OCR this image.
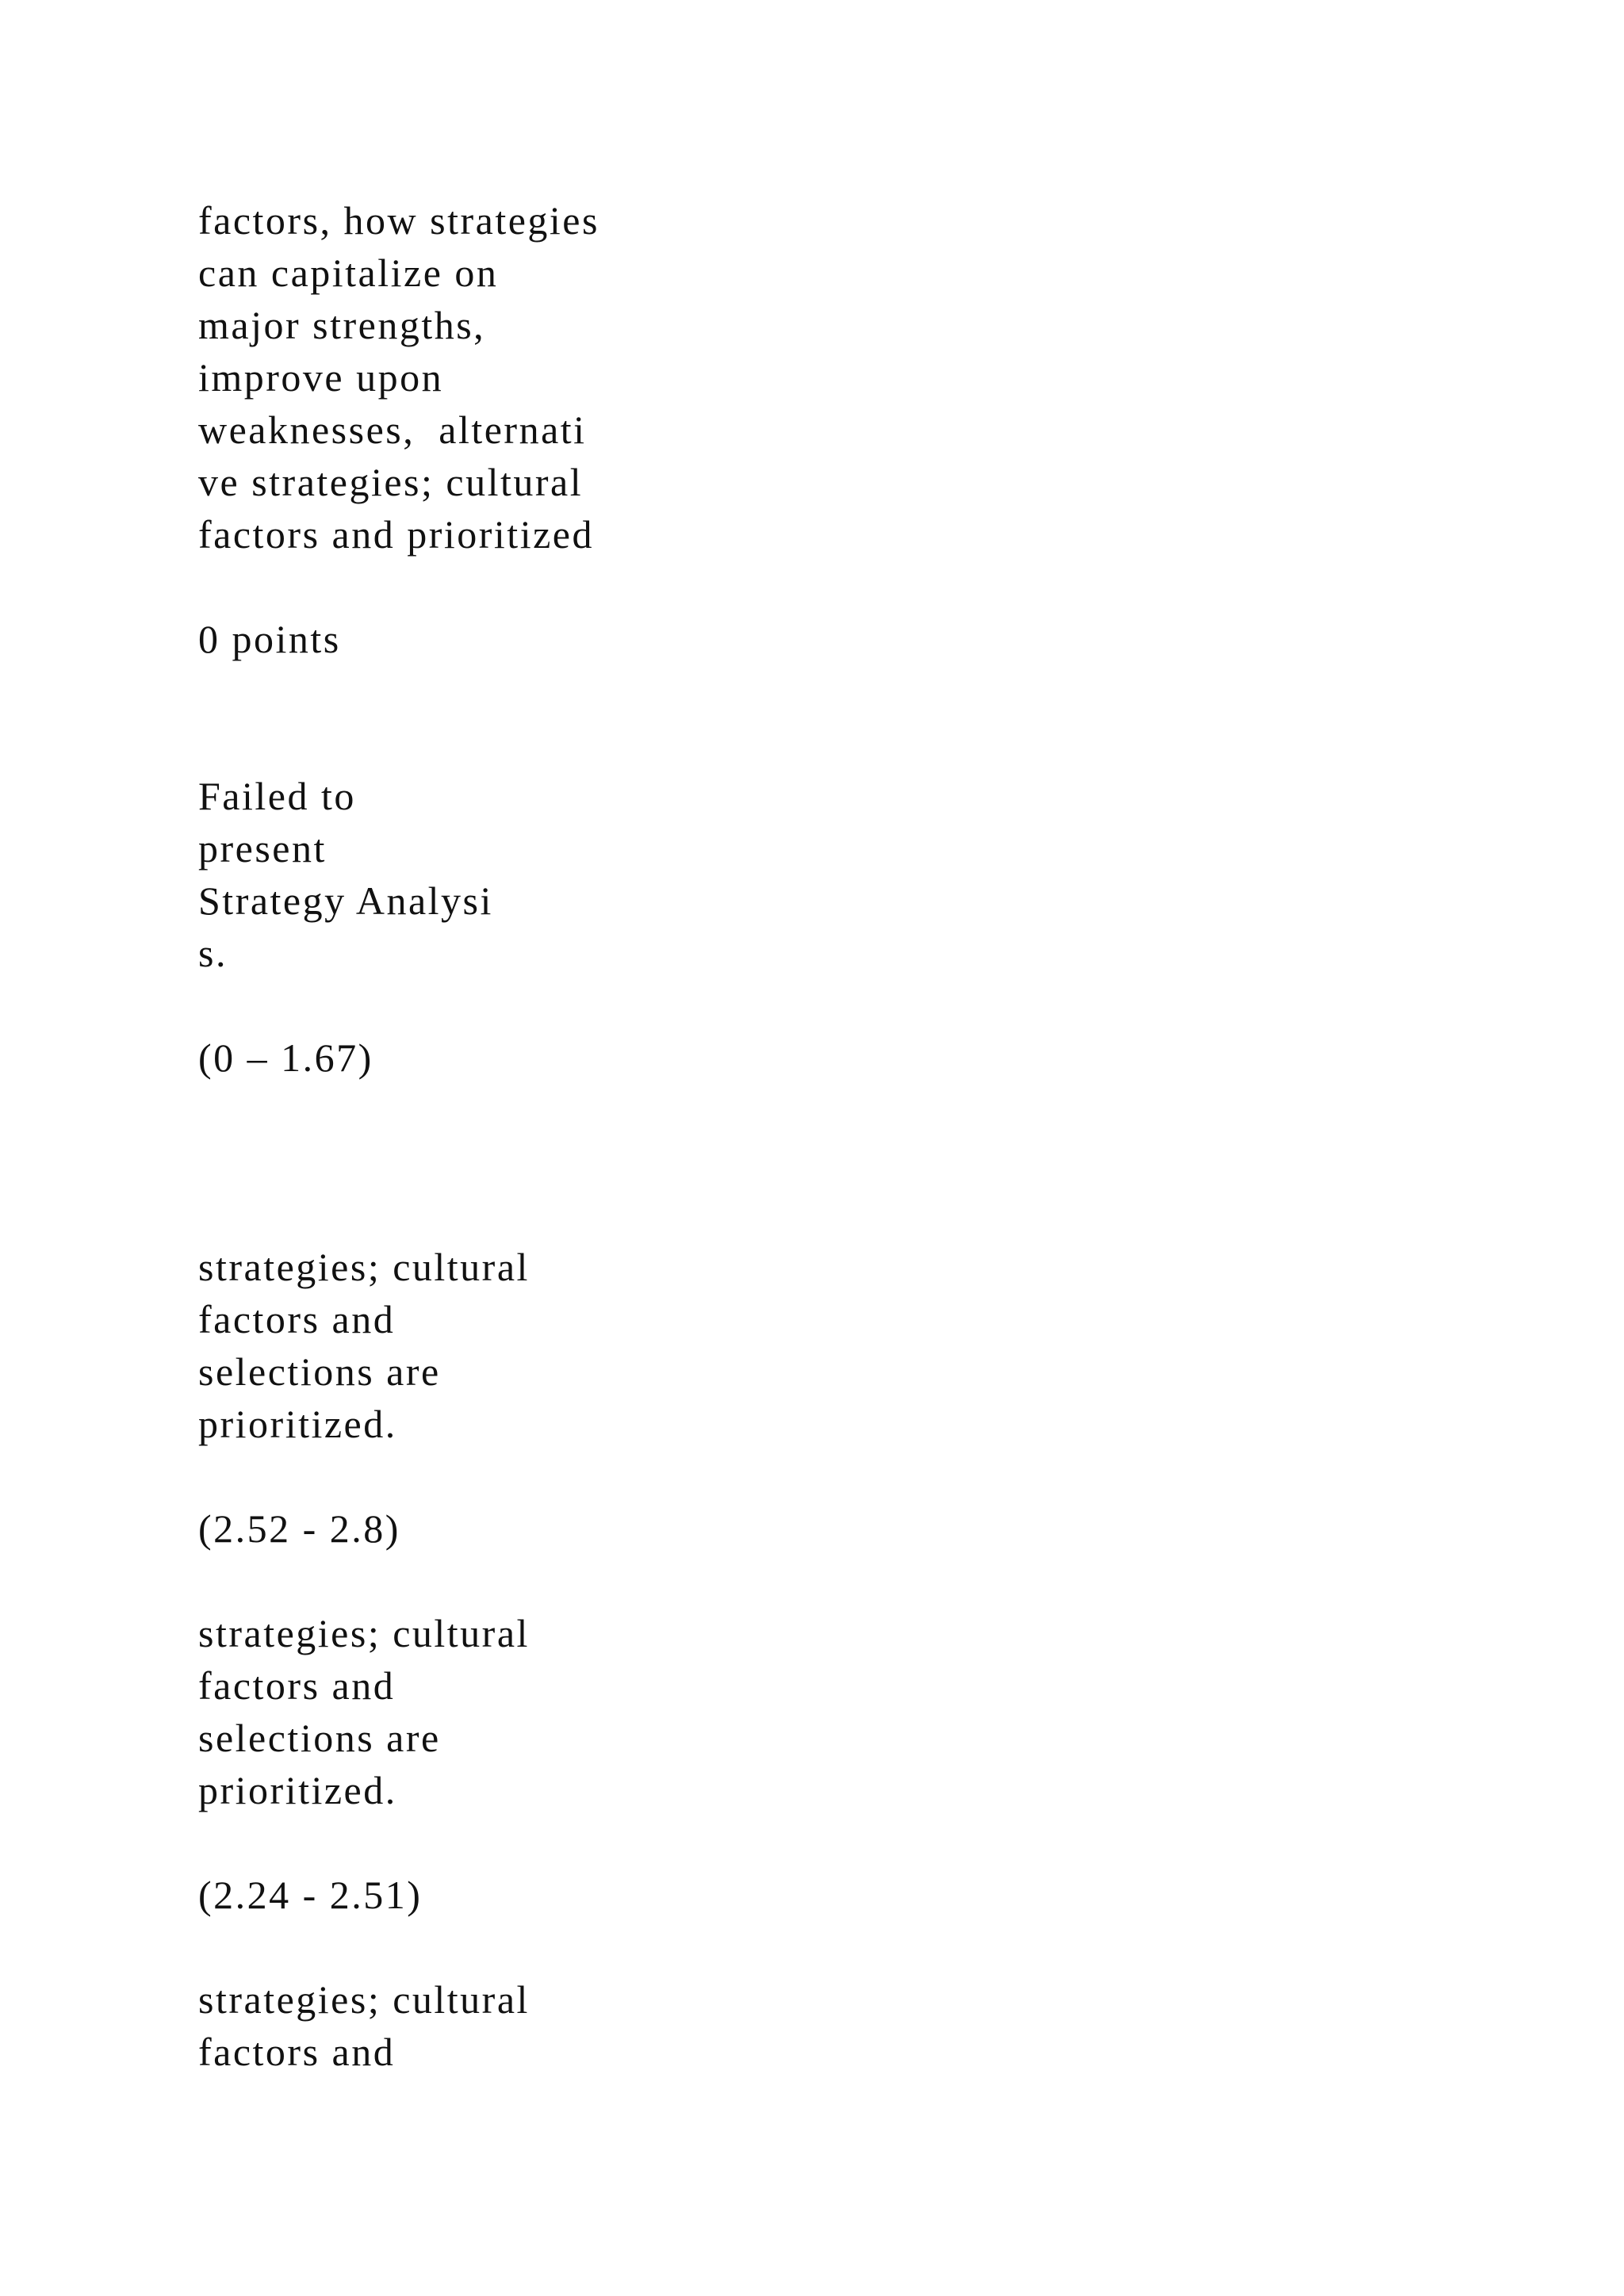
factors, how strategies
can capitalize on
major strengths,
improve upon
weaknesses,  alternati
ve strategies; cultural
factors and prioritized
0 points
Failed to
present
Strategy Analysi
s.
(0 – 1.67)
strategies; cultural
factors and
selections are
prioritized.
(2.52 - 2.8)
strategies; cultural
factors and
selections are
prioritized.
(2.24 - 2.51)
strategies; cultural
factors and
